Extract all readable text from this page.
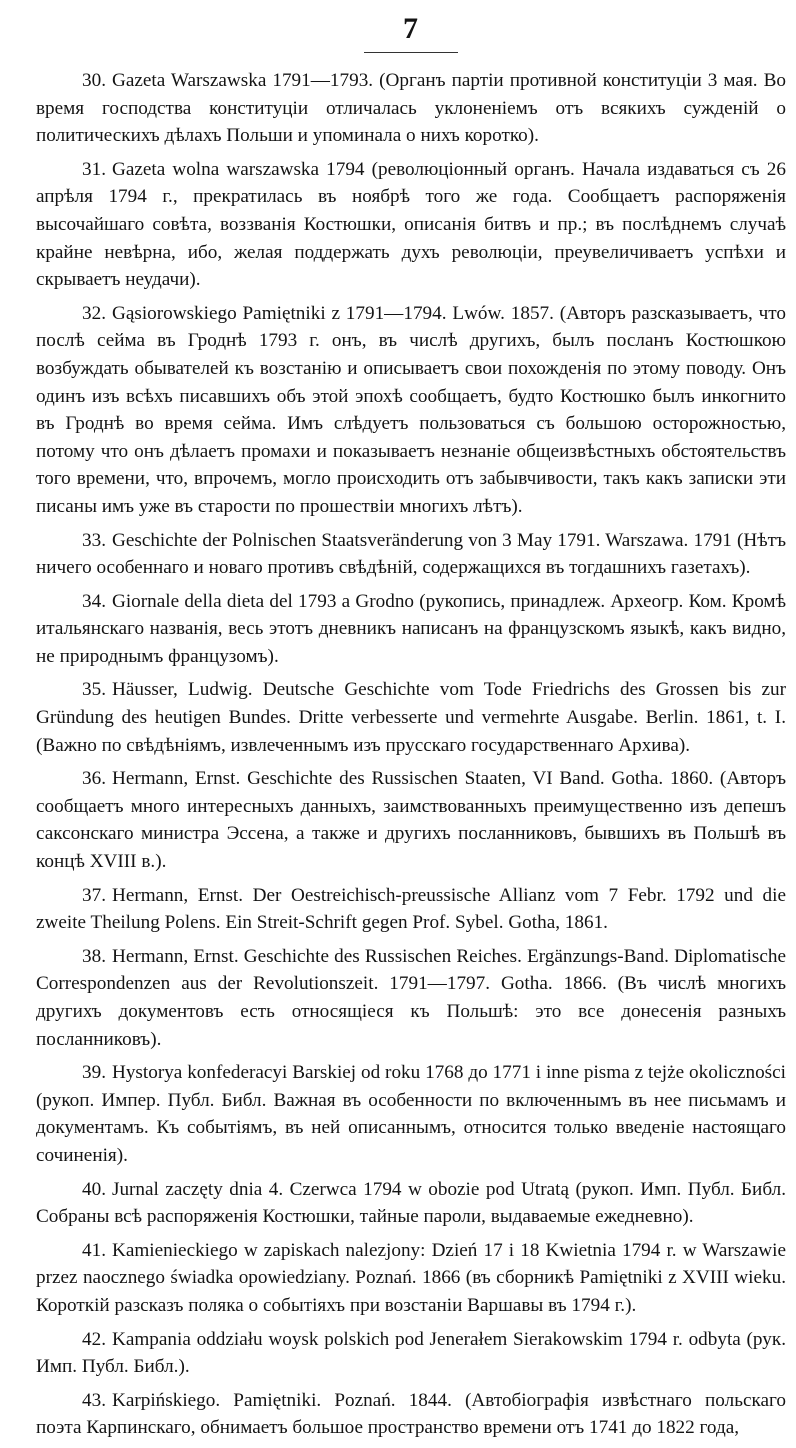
7

30. Gazeta Warszawska 1791—1793. (Органъ партіи противной конституціи 3 мая. Во время господства конституціи отличалась уклоненіемъ отъ всякихъ сужденій о политическихъ дѣлахъ Польши и упоминала о нихъ коротко).

31. Gazeta wolna warszawska 1794 (революціонный органъ. Начала издаваться съ 26 апрѣля 1794 г., прекратилась въ ноябрѣ того же года. Сообщаетъ распоряженія высочайшаго совѣта, воззванія Костюшки, описанія битвъ и пр.; въ послѣднемъ случаѣ крайне невѣрна, ибо, желая поддержать духъ революціи, преувеличиваетъ успѣхи и скрываетъ неудачи).

32. Gąsiorowskiego Pamiętniki z 1791—1794. Lwów. 1857. (Авторъ разсказываетъ, что послѣ сейма въ Гроднѣ 1793 г. онъ, въ числѣ другихъ, былъ посланъ Костюшкою возбуждать обывателей къ возстанію и описываетъ свои похожденія по этому поводу. Онъ одинъ изъ всѣхъ писавшихъ объ этой эпохѣ сообщаетъ, будто Костюшко былъ инкогнито въ Гроднѣ во время сейма. Имъ слѣдуетъ пользоваться съ большою осторожностью, потому что онъ дѣлаетъ промахи и показываетъ незнаніе общеизвѣстныхъ обстоятельствъ того времени, что, впрочемъ, могло происходить отъ забывчивости, такъ какъ записки эти писаны имъ уже въ старости по прошествіи многихъ лѣтъ).

33. Geschichte der Polnischen Staatsveränderung von 3 May 1791. Warszawa. 1791 (Нѣтъ ничего особеннаго и новаго противъ свѣдѣній, содержащихся въ тогдашнихъ газетахъ).

34. Giornale della dieta del 1793 a Grodno (рукопись, принадлеж. Археогр. Ком. Кромѣ итальянскаго названія, весь этотъ дневникъ написанъ на французскомъ языкѣ, какъ видно, не природнымъ французомъ).

35. Häusser, Ludwig. Deutsche Geschichte vom Tode Friedrichs des Grossen bis zur Gründung des heutigen Bundes. Dritte verbesserte und vermehrte Ausgabe. Berlin. 1861, t. I. (Важно по свѣдѣніямъ, извлеченнымъ изъ прусскаго государственнаго Архива).

36. Hermann, Ernst. Geschichte des Russischen Staaten, VI Band. Gotha. 1860. (Авторъ сообщаетъ много интересныхъ данныхъ, заимствованныхъ преимущественно изъ депешъ саксонскаго министра Эссена, а также и другихъ посланниковъ, бывшихъ въ Польшѣ въ концѣ XVIII в.).

37. Hermann, Ernst. Der Oestreichisch-preussische Allianz vom 7 Febr. 1792 und die zweite Theilung Polens. Ein Streit-Schrift gegen Prof. Sybel. Gotha, 1861.

38. Hermann, Ernst. Geschichte des Russischen Reiches. Ergänzungs-Band. Diplomatische Correspondenzen aus der Revolutionszeit. 1791—1797. Gotha. 1866. (Въ числѣ многихъ другихъ документовъ есть относящіеся къ Польшѣ: это все донесенія разныхъ посланниковъ).

39. Hystorya konfederacyi Barskiej od roku 1768 до 1771 i inne pisma z tejże okoliczności (рукоп. Импер. Публ. Библ. Важная въ особенности по включеннымъ въ нее письмамъ и документамъ. Къ событіямъ, въ ней описаннымъ, относится только введеніе настоящаго сочиненія).

40. Jurnal zaczęty dnia 4. Czerwca 1794 w obozie pod Utratą (рукоп. Имп. Публ. Библ. Собраны всѣ распоряженія Костюшки, тайные пароли, выдаваемые ежедневно).

41. Kamienieckiego w zapiskach nalezjony: Dzień 17 i 18 Kwietnia 1794 r. w Warszawie przez naocznego świadka opowiedziany. Poznań. 1866 (въ сборникѣ Pamiętniki z XVIII wieku. Короткій разсказъ поляка о событіяхъ при возстаніи Варшавы въ 1794 г.).

42. Kampania oddziału woysk polskich pod Jenerałem Sierakowskim 1794 r. odbyta (рук. Имп. Публ. Библ.).

43. Karpińskiego. Pamiętniki. Poznań. 1844. (Автобіографія извѣстнаго польскаго поэта Карпинскаго, обнимаетъ большое пространство времени отъ 1741 до 1822 года,
